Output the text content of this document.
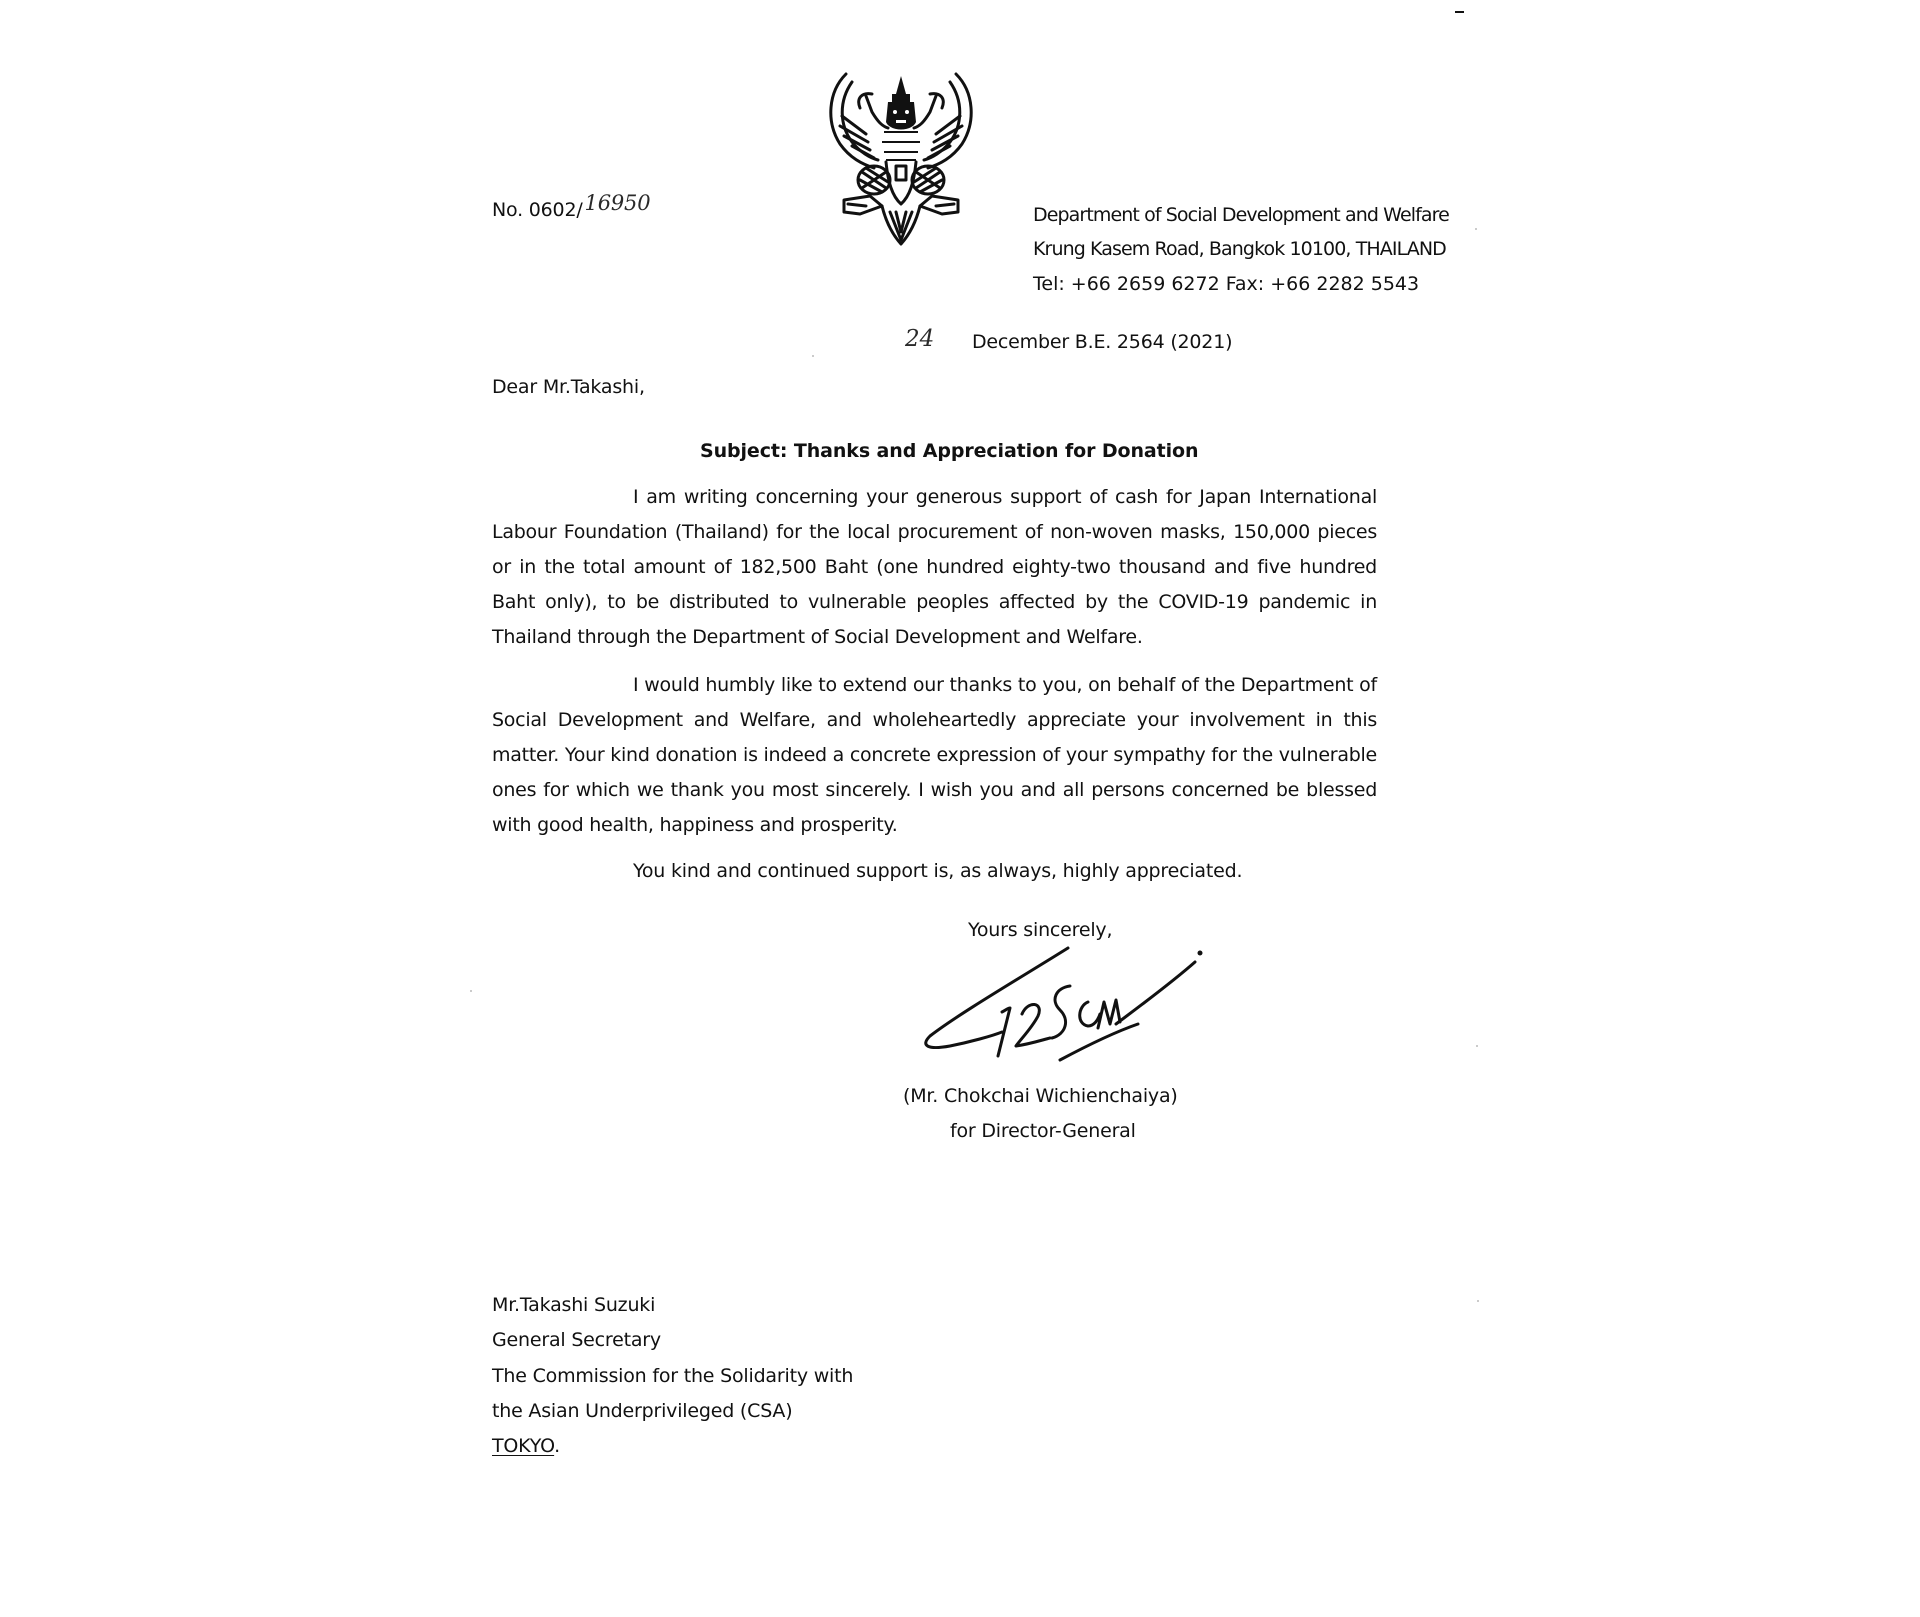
No. 0602/16950	Department of Social Development and Welfare
Krung Kasem Road, Bangkok 10100, THAILAND
Tel: +66 2659 6272 Fax: +66 2282 5543
24 December B.E. 2564 (2021)
Dear Mr.Takashi,
Subject: Thanks and Appreciation for Donation
I am writing concerning your generous support of cash for Japan International Labour Foundation (Thailand) for the local procurement of non-woven masks, 150,000 pieces or in the total amount of 182,500 Baht (one hundred eighty-two thousand and five hundred Baht only), to be distributed to vulnerable peoples affected by the COVID-19 pandemic in Thailand through the Department of Social Development and Welfare.
I would humbly like to extend our thanks to you, on behalf of the Department of Social Development and Welfare, and wholeheartedly appreciate your involvement in this matter. Your kind donation is indeed a concrete expression of your sympathy for the vulnerable ones for which we thank you most sincerely. I wish you and all persons concerned be blessed with good health, happiness and prosperity.
You kind and continued support is, as always, highly appreciated.
Yours sincerely,
(Mr. Chokchai Wichienchaiya)
for Director-General
Mr.Takashi Suzuki
General Secretary
The Commission for the Solidarity with
the Asian Underprivileged (CSA)
TOKYO.
